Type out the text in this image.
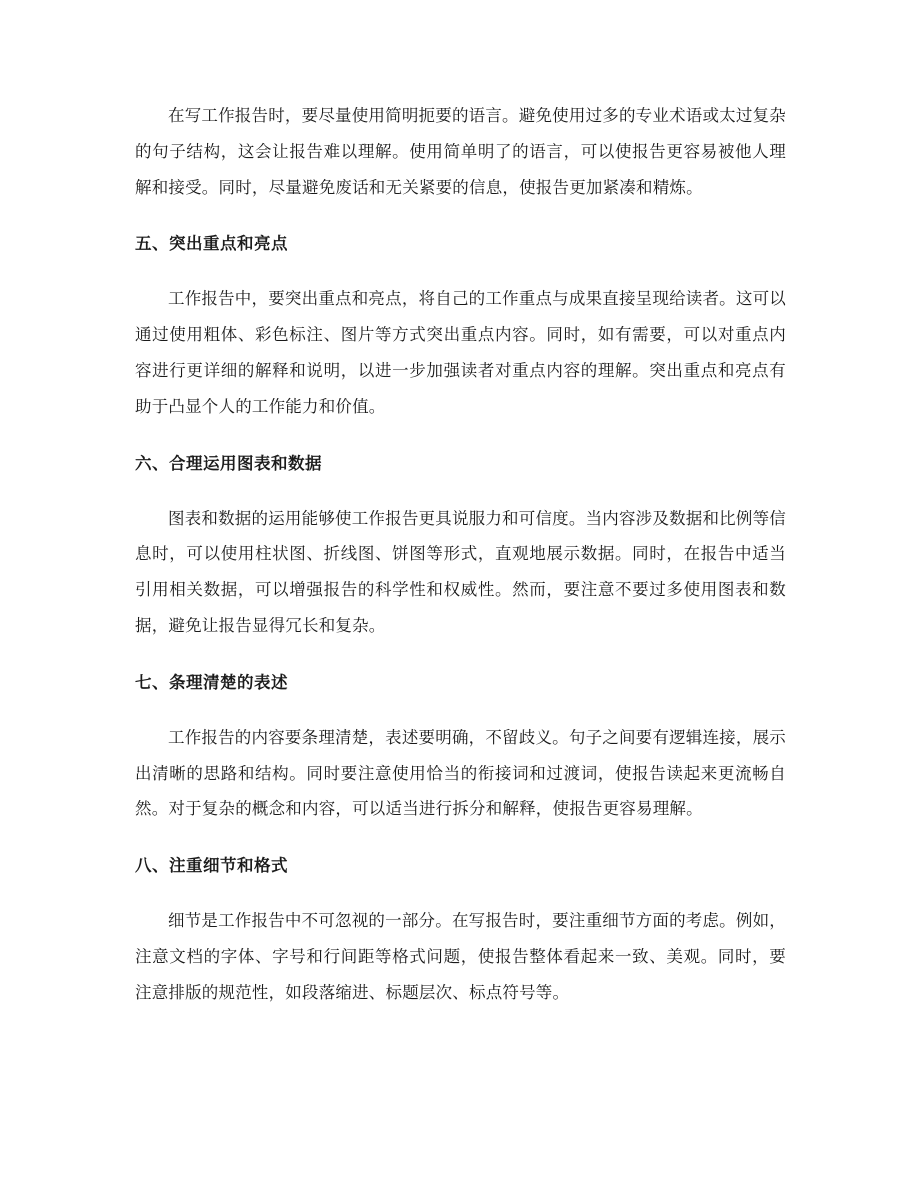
在写工作报告时，要尽量使用简明扼要的语言。避免使用过多的专业术语或太过复杂的句子结构，这会让报告难以理解。使用简单明了的语言，可以使报告更容易被他人理解和接受。同时，尽量避免废话和无关紧要的信息，使报告更加紧凑和精炼。

五、突出重点和亮点

工作报告中，要突出重点和亮点，将自己的工作重点与成果直接呈现给读者。这可以通过使用粗体、彩色标注、图片等方式突出重点内容。同时，如有需要，可以对重点内容进行更详细的解释和说明，以进一步加强读者对重点内容的理解。突出重点和亮点有助于凸显个人的工作能力和价值。

六、合理运用图表和数据

图表和数据的运用能够使工作报告更具说服力和可信度。当内容涉及数据和比例等信息时，可以使用柱状图、折线图、饼图等形式，直观地展示数据。同时，在报告中适当引用相关数据，可以增强报告的科学性和权威性。然而，要注意不要过多使用图表和数据，避免让报告显得冗长和复杂。

七、条理清楚的表述

工作报告的内容要条理清楚，表述要明确，不留歧义。句子之间要有逻辑连接，展示出清晰的思路和结构。同时要注意使用恰当的衔接词和过渡词，使报告读起来更流畅自然。对于复杂的概念和内容，可以适当进行拆分和解释，使报告更容易理解。

八、注重细节和格式

细节是工作报告中不可忽视的一部分。在写报告时，要注重细节方面的考虑。例如，注意文档的字体、字号和行间距等格式问题，使报告整体看起来一致、美观。同时，要注意排版的规范性，如段落缩进、标题层次、标点符号等。
